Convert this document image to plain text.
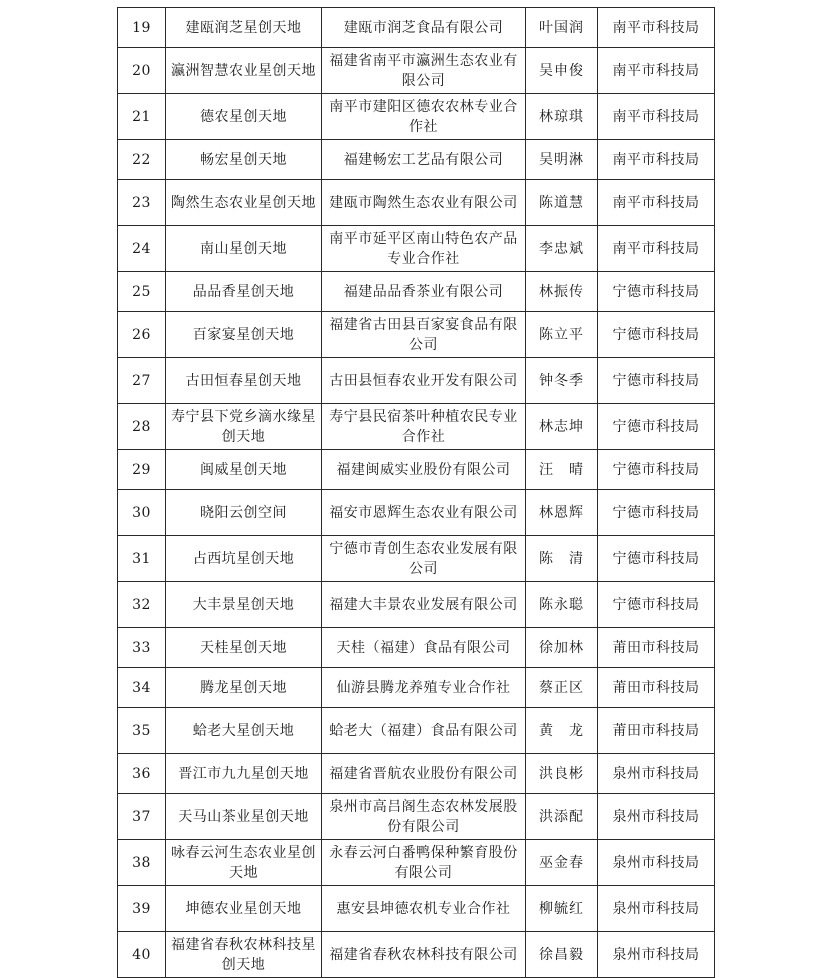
19	建瓯润芝星创天地	建瓯市润芝食品有限公司	叶国润	南平市科技局
20	瀛洲智慧农业星创天地	福建省南平市瀛洲生态农业有限公司	吴申俊	南平市科技局
21	德农星创天地	南平市建阳区德农农林专业合作社	林琼琪	南平市科技局
22	畅宏星创天地	福建畅宏工艺品有限公司	吴明淋	南平市科技局
23	陶然生态农业星创天地	建瓯市陶然生态农业有限公司	陈道慧	南平市科技局
24	南山星创天地	南平市延平区南山特色农产品专业合作社	李忠斌	南平市科技局
25	品品香星创天地	福建品品香茶业有限公司	林振传	宁德市科技局
26	百家宴星创天地	福建省古田县百家宴食品有限公司	陈立平	宁德市科技局
27	古田恒春星创天地	古田县恒春农业开发有限公司	钟冬季	宁德市科技局
28	寿宁县下党乡滴水缘星创天地	寿宁县民宿茶叶种植农民专业合作社	林志坤	宁德市科技局
29	闽威星创天地	福建闽威实业股份有限公司	汪　晴	宁德市科技局
30	晓阳云创空间	福安市恩辉生态农业有限公司	林恩辉	宁德市科技局
31	占西坑星创天地	宁德市青创生态农业发展有限公司	陈　清	宁德市科技局
32	大丰景星创天地	福建大丰景农业发展有限公司	陈永聪	宁德市科技局
33	天桂星创天地	天桂（福建）食品有限公司	徐加林	莆田市科技局
34	腾龙星创天地	仙游县腾龙养殖专业合作社	蔡正区	莆田市科技局
35	蛤老大星创天地	蛤老大（福建）食品有限公司	黄　龙	莆田市科技局
36	晋江市九九星创天地	福建省晋航农业股份有限公司	洪良彬	泉州市科技局
37	天马山茶业星创天地	泉州市高吕阁生态农林发展股份有限公司	洪添配	泉州市科技局
38	咏春云河生态农业星创天地	永春云河白番鸭保种繁育股份有限公司	巫金春	泉州市科技局
39	坤德农业星创天地	惠安县坤德农机专业合作社	柳毓红	泉州市科技局
40	福建省春秋农林科技星创天地	福建省春秋农林科技有限公司	徐昌毅	泉州市科技局
